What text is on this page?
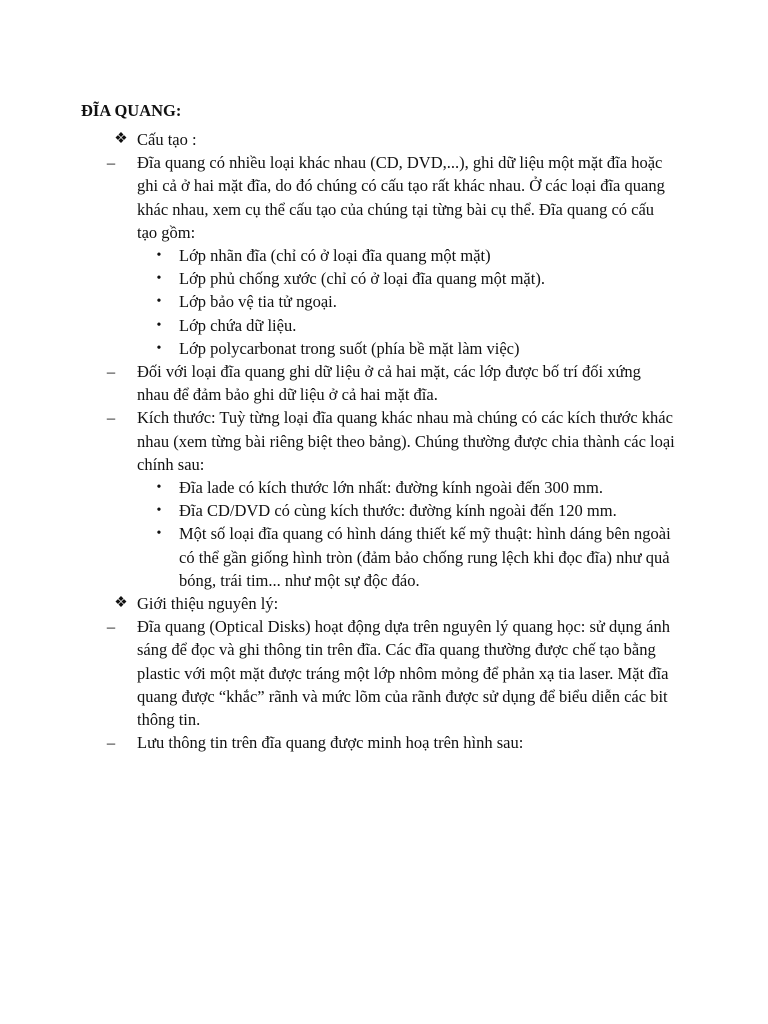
ĐĨA QUANG:
❖ Cấu tạo :
– Đĩa quang có nhiều loại khác nhau (CD, DVD,...), ghi dữ liệu một mặt đĩa hoặc ghi cả ở hai mặt đĩa, do đó chúng có cấu tạo rất khác nhau. Ở các loại đĩa quang khác nhau, xem cụ thể cấu tạo của chúng tại từng bài cụ thể. Đĩa quang có cấu tạo gồm:
• Lớp nhãn đĩa (chỉ có ở loại đĩa quang một mặt)
• Lớp phủ chống xước (chỉ có ở loại đĩa quang một mặt).
• Lớp bảo vệ tia tử ngoại.
• Lớp chứa dữ liệu.
• Lớp polycarbonat trong suốt (phía bề mặt làm việc)
– Đối với loại đĩa quang ghi dữ liệu ở cả hai mặt, các lớp được bố trí đối xứng nhau để đảm bảo ghi dữ liệu ở cả hai mặt đĩa.
– Kích thước: Tuỳ từng loại đĩa quang khác nhau mà chúng có các kích thước khác nhau (xem từng bài riêng biệt theo bảng). Chúng thường được chia thành các loại chính sau:
• Đĩa lade có kích thước lớn nhất: đường kính ngoài đến 300 mm.
• Đĩa CD/DVD có cùng kích thước: đường kính ngoài đến 120 mm.
• Một số loại đĩa quang có hình dáng thiết kế mỹ thuật: hình dáng bên ngoài có thể gần giống hình tròn (đảm bảo chống rung lệch khi đọc đĩa) như quả bóng, trái tim... như một sự độc đáo.
❖ Giới thiệu nguyên lý:
– Đĩa quang (Optical Disks) hoạt động dựa trên nguyên lý quang học: sử dụng ánh sáng để đọc và ghi thông tin trên đĩa. Các đĩa quang thường được chế tạo bằng plastic với một mặt được tráng một lớp nhôm mỏng để phản xạ tia laser. Mặt đĩa quang được “khắc” rãnh và mức lõm của rãnh được sử dụng để biểu diễn các bit thông tin.
– Lưu thông tin trên đĩa quang được minh hoạ trên hình sau:
